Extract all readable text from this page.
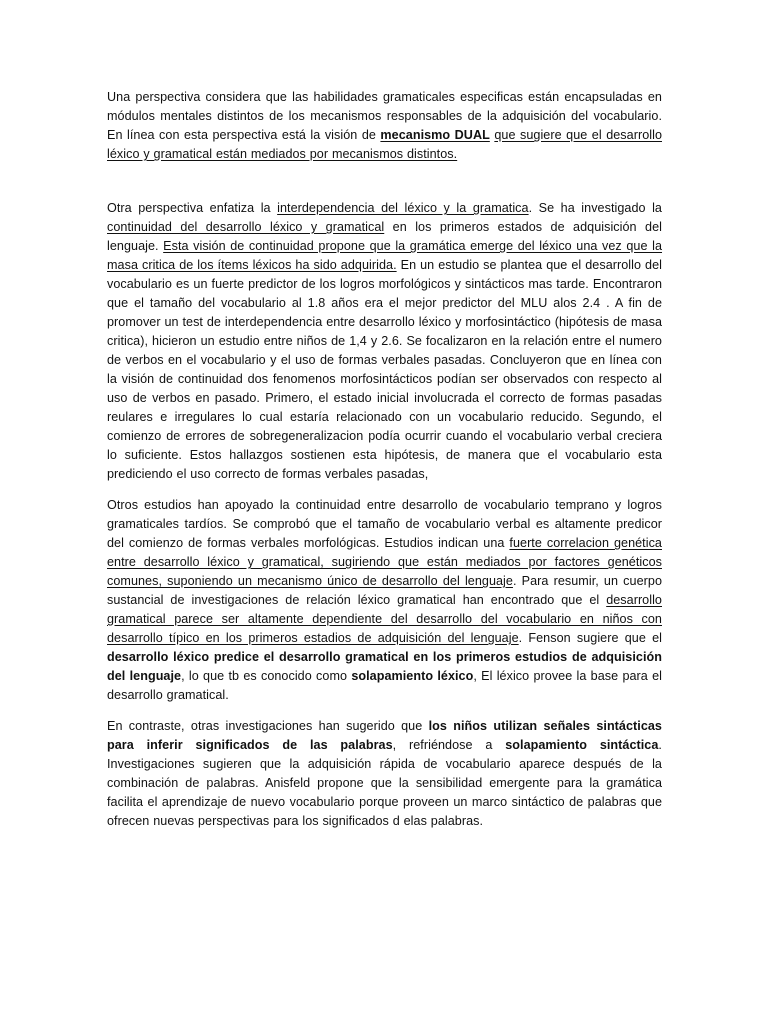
Una perspectiva considera que las habilidades gramaticales especificas están encapsuladas en módulos mentales distintos de los mecanismos responsables de la adquisición del vocabulario. En línea con esta perspectiva está la visión de mecanismo DUAL que sugiere que el desarrollo léxico y gramatical están mediados por mecanismos distintos.

Otra perspectiva enfatiza la interdependencia del léxico y la gramatica. Se ha investigado la continuidad del desarrollo léxico y gramatical en los primeros estados de adquisición del lenguaje. Esta visión de continuidad propone que la gramática emerge del léxico una vez que la masa critica de los ítems léxicos ha sido adquirida. En un estudio se plantea que el desarrollo del vocabulario es un fuerte predictor de los logros morfológicos y sintácticos mas tarde. Encontraron que el tamaño del vocabulario al 1.8 años era el mejor predictor del MLU alos 2.4 . A fin de promover un test de interdependencia entre desarrollo léxico y morfosintáctico (hipótesis de masa critica), hicieron un estudio entre niños de 1,4 y 2.6. Se focalizaron en la relación entre el numero de verbos en el vocabulario y el uso de formas verbales pasadas. Concluyeron que en línea con la visión de continuidad dos fenomenos morfosintácticos podían ser observados con respecto al uso de verbos en pasado. Primero, el estado inicial involucrada el correcto de formas pasadas reulares e irregulares lo cual estaría relacionado con un vocabulario reducido. Segundo, el comienzo de errores de sobregeneralizacion podía ocurrir cuando el vocabulario verbal creciera lo suficiente. Estos hallazgos sostienen esta hipótesis, de manera que el vocabulario esta prediciendo el uso correcto de formas verbales pasadas,

Otros estudios han apoyado la continuidad entre desarrollo de vocabulario temprano y logros gramaticales tardíos. Se comprobó que el tamaño de vocabulario verbal es altamente predicor del comienzo de formas verbales morfológicas. Estudios indican una fuerte correlacion genética entre desarrollo léxico y gramatical, sugiriendo que están mediados por factores genéticos comunes, suponiendo un mecanismo único de desarrollo del lenguaje. Para resumir, un cuerpo sustancial de investigaciones de relación léxico gramatical han encontrado que el desarrollo gramatical parece ser altamente dependiente del desarrollo del vocabulario en niños con desarrollo típico en los primeros estadios de adquisición del lenguaje. Fenson sugiere que el desarrollo léxico predice el desarrollo gramatical en los primeros estudios de adquisición del lenguaje, lo que tb es conocido como solapamiento léxico, El léxico provee la base para el desarrollo gramatical.

En contraste, otras investigaciones han sugerido que los niños utilizan señales sintácticas para inferir significados de las palabras, refriéndose a solapamiento sintáctica. Investigaciones sugieren que la adquisición rápida de vocabulario aparece después de la combinación de palabras. Anisfeld propone que la sensibilidad emergente para la gramática facilita el aprendizaje de nuevo vocabulario porque proveen un marco sintáctico de palabras que ofrecen nuevas perspectivas para los significados d elas palabras.
